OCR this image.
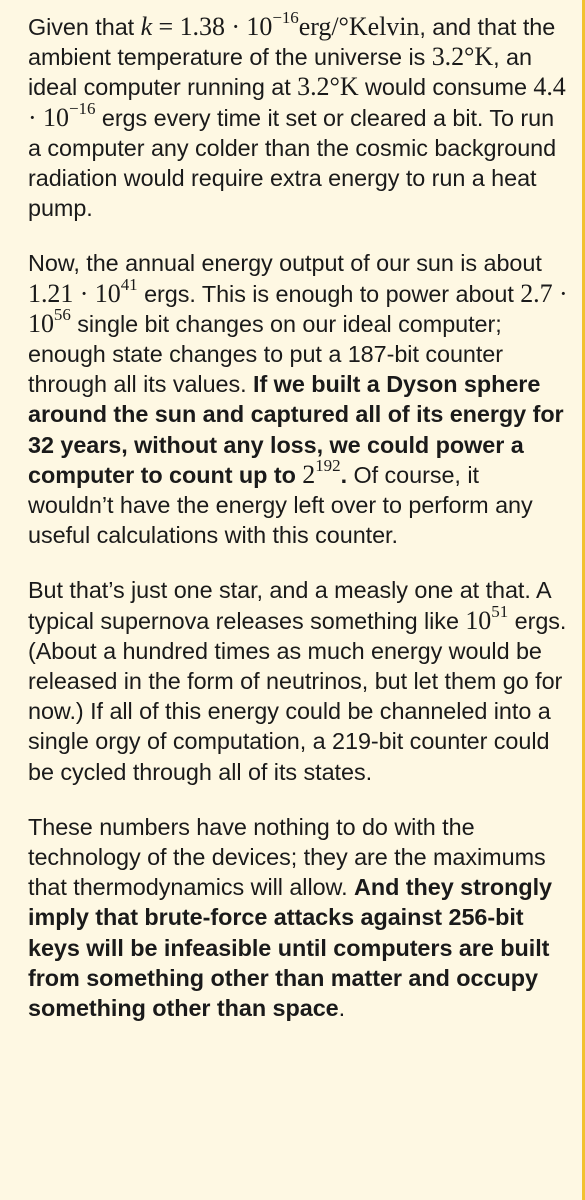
Given that $k = 1.38 \cdot 10^{-16}erg/^\circ Kelvin$, and that the ambient temperature of the universe is 3.2°K, an ideal computer running at 3.2°K would consume $4.4 \cdot 10^{-16}$ ergs every time it set or cleared a bit. To run a computer any colder than the cosmic background radiation would require extra energy to run a heat pump.

Now, the annual energy output of our sun is about $1.21 \cdot 10^{41}$ ergs. This is enough to power about $2.7 \cdot 10^{56}$ single bit changes on our ideal computer; enough state changes to put a 187-bit counter through all its values. If we built a Dyson sphere around the sun and captured all of its energy for 32 years, without any loss, we could power a computer to count up to $2^{192}$. Of course, it wouldn’t have the energy left over to perform any useful calculations with this counter.

But that’s just one star, and a measly one at that. A typical supernova releases something like $10^{51}$ ergs. (About a hundred times as much energy would be released in the form of neutrinos, but let them go for now.) If all of this energy could be channeled into a single orgy of computation, a 219-bit counter could be cycled through all of its states.

These numbers have nothing to do with the technology of the devices; they are the maximums that thermodynamics will allow. And they strongly imply that brute-force attacks against 256-bit keys will be infeasible until computers are built from something other than matter and occupy something other than space.
